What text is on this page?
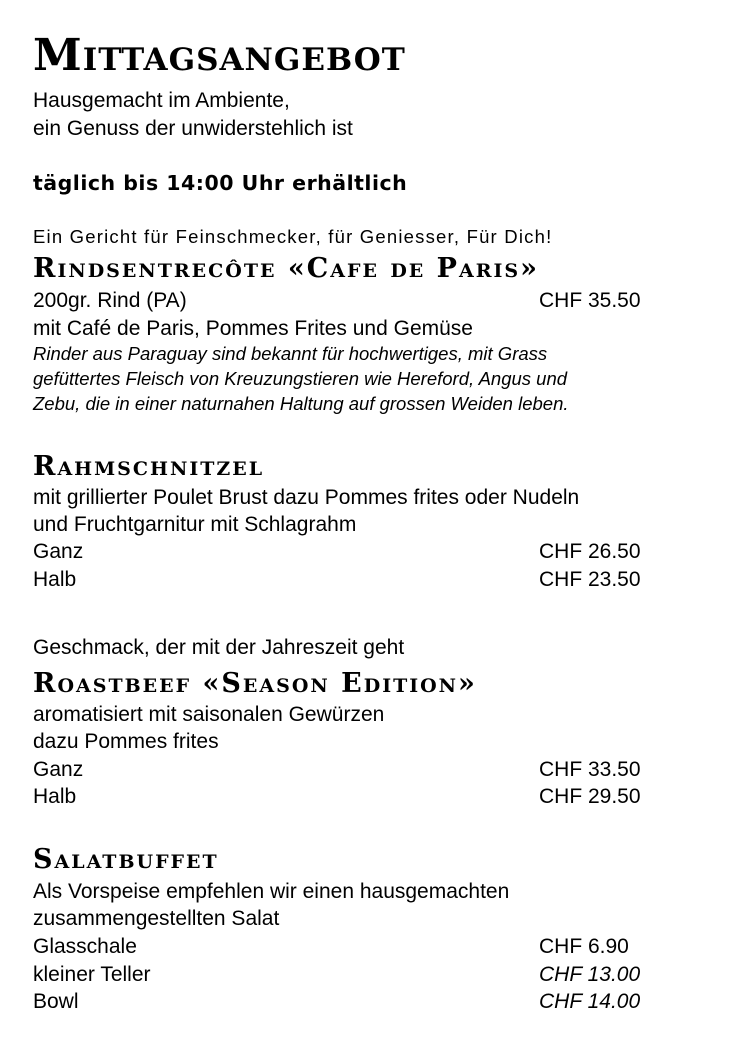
Mittagsangebot
Hausgemacht im Ambiente,
ein Genuss der unwiderstehlich ist
täglich bis 14:00 Uhr erhältlich
Ein Gericht für Feinschmecker, für Geniesser, Für Dich!
Rindsentrecôte «Cafe de Paris»
200gr. Rind (PA)	CHF 35.50
mit Café de Paris, Pommes Frites und Gemüse
Rinder aus Paraguay sind bekannt für hochwertiges, mit Grass
gefüttertes Fleisch von Kreuzungstieren wie Hereford, Angus und
Zebu, die in einer naturnahen Haltung auf grossen Weiden leben.
Rahmschnitzel
mit grillierter Poulet Brust dazu Pommes frites oder Nudeln
und Fruchtgarnitur mit Schlagrahm
Ganz	CHF 26.50
Halb	CHF 23.50
Geschmack, der mit der Jahreszeit geht
Roastbeef «Season Edition»
aromatisiert mit saisonalen Gewürzen
dazu Pommes frites
Ganz	CHF 33.50
Halb	CHF 29.50
Salatbuffet
Als Vorspeise empfehlen wir einen hausgemachten
zusammengestellten Salat
Glasschale	CHF 6.90
kleiner Teller	CHF 13.00
Bowl	CHF 14.00
